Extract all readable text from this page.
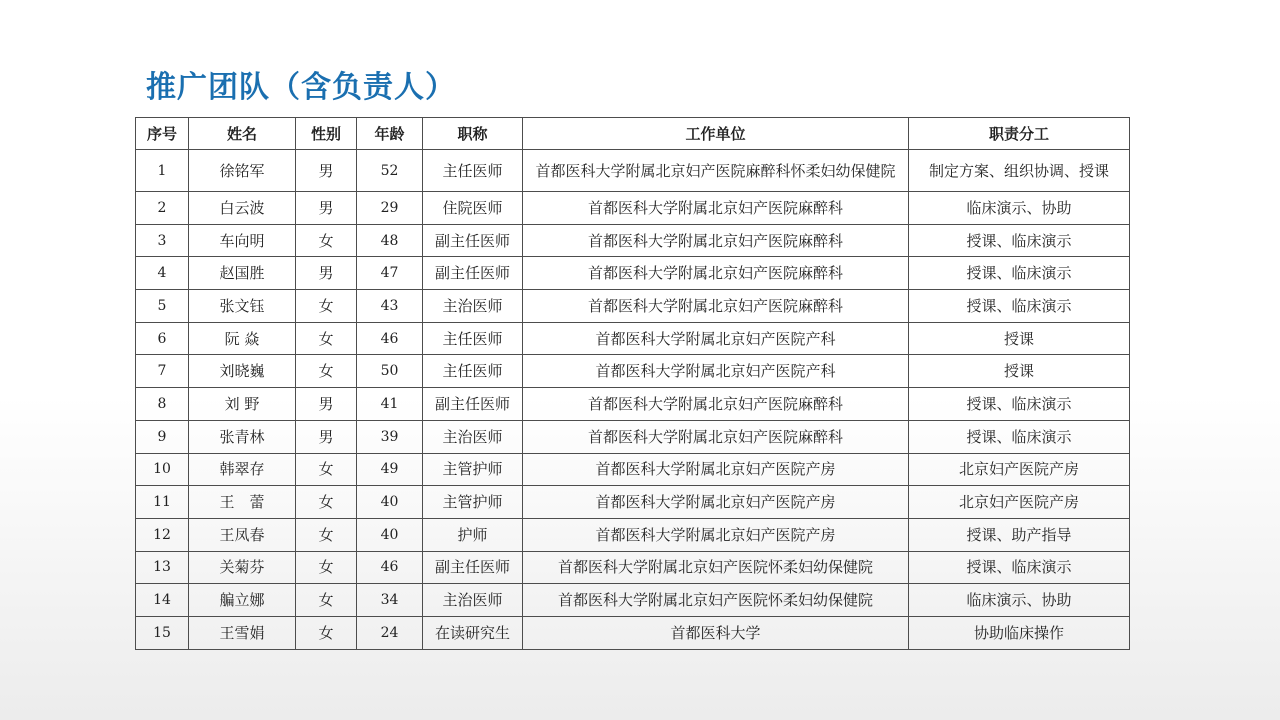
推广团队（含负责人）
序号	姓名	性别	年龄	职称	工作单位	职责分工
1	徐铭军	男	52	主任医师	首都医科大学附属北京妇产医院麻醉科怀柔妇幼保健院	制定方案、组织协调、授课
2	白云波	男	29	住院医师	首都医科大学附属北京妇产医院麻醉科	临床演示、协助
3	车向明	女	48	副主任医师	首都医科大学附属北京妇产医院麻醉科	授课、临床演示
4	赵国胜	男	47	副主任医师	首都医科大学附属北京妇产医院麻醉科	授课、临床演示
5	张文钰	女	43	主治医师	首都医科大学附属北京妇产医院麻醉科	授课、临床演示
6	阮 焱	女	46	主任医师	首都医科大学附属北京妇产医院产科	授课
7	刘晓巍	女	50	主任医师	首都医科大学附属北京妇产医院产科	授课
8	刘 野	男	41	副主任医师	首都医科大学附属北京妇产医院麻醉科	授课、临床演示
9	张青林	男	39	主治医师	首都医科大学附属北京妇产医院麻醉科	授课、临床演示
10	韩翠存	女	49	主管护师	首都医科大学附属北京妇产医院产房	北京妇产医院产房
11	王　蕾	女	40	主管护师	首都医科大学附属北京妇产医院产房	北京妇产医院产房
12	王凤春	女	40	护师	首都医科大学附属北京妇产医院产房	授课、助产指导
13	关菊芬	女	46	副主任医师	首都医科大学附属北京妇产医院怀柔妇幼保健院	授课、临床演示
14	艑立娜	女	34	主治医师	首都医科大学附属北京妇产医院怀柔妇幼保健院	临床演示、协助
15	王雪娟	女	24	在读研究生	首都医科大学	协助临床操作
